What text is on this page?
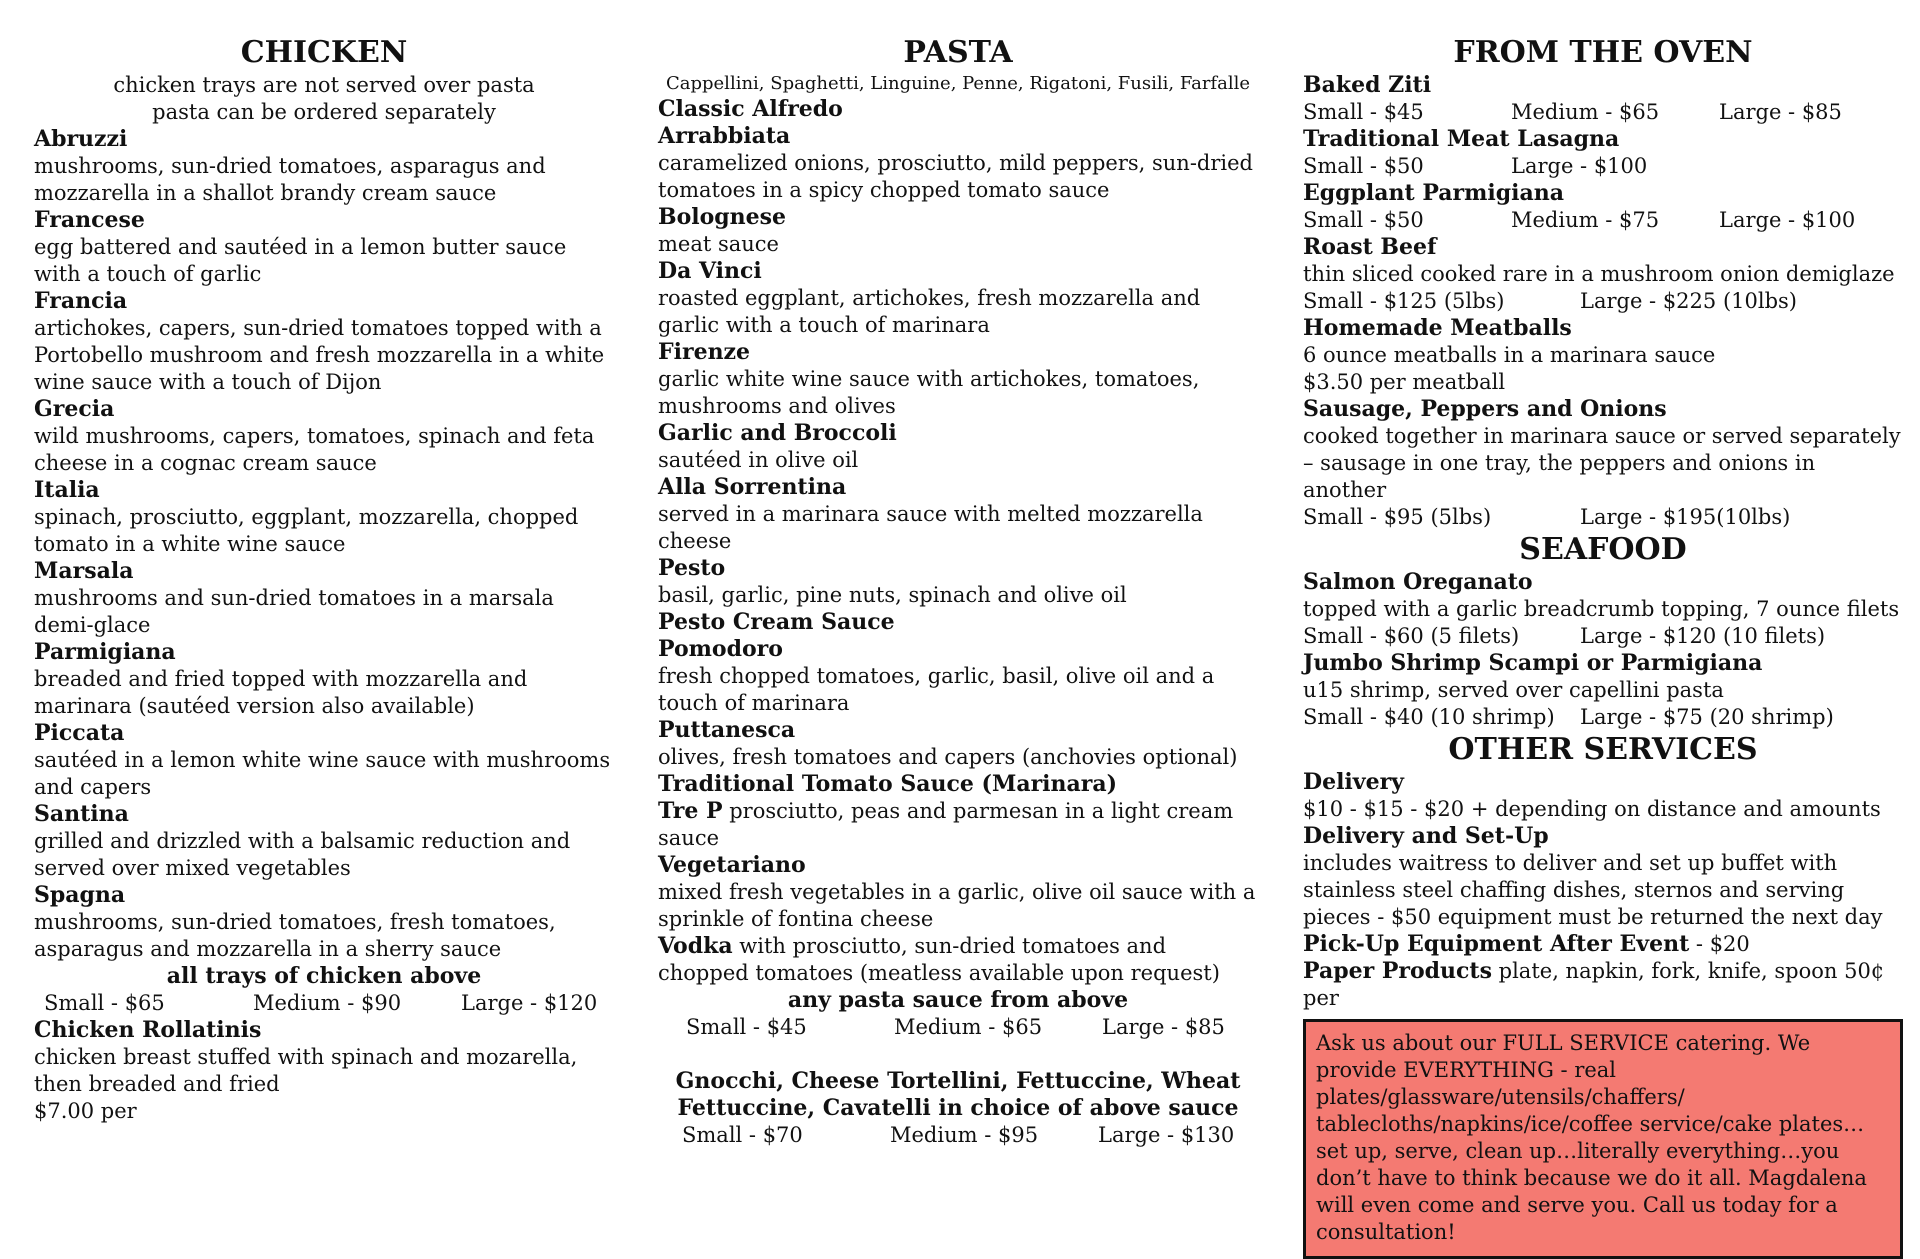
CHICKEN
chicken trays are not served over pasta
pasta can be ordered separately
Abruzzi
mushrooms, sun-dried tomatoes, asparagus and mozzarella in a shallot brandy cream sauce
Francese
egg battered and sautéed in a lemon butter sauce with a touch of garlic
Francia
artichokes, capers, sun-dried tomatoes topped with a Portobello mushroom and fresh mozzarella in a white wine sauce with a touch of Dijon
Grecia
wild mushrooms, capers, tomatoes, spinach and feta cheese in a cognac cream sauce
Italia
spinach, prosciutto, eggplant, mozzarella, chopped tomato in a white wine sauce
Marsala
mushrooms and sun-dried tomatoes in a marsala demi-glace
Parmigiana
breaded and fried topped with mozzarella and marinara (sautéed version also available)
Piccata
sautéed in a lemon white wine sauce with mushrooms and capers
Santina
grilled and drizzled with a balsamic reduction and served over mixed vegetables
Spagna
mushrooms, sun-dried tomatoes, fresh tomatoes, asparagus and mozzarella in a sherry sauce
all trays of chicken above
Small - $65	Medium - $90	Large - $120
Chicken Rollatinis
chicken breast stuffed with spinach and mozarella, then breaded and fried
$7.00 per
PASTA
Cappellini, Spaghetti, Linguine, Penne, Rigatoni, Fusili, Farfalle
Classic Alfredo
Arrabbiata
caramelized onions, prosciutto, mild peppers, sun-dried tomatoes in a spicy chopped tomato sauce
Bolognese
meat sauce
Da Vinci
roasted eggplant, artichokes, fresh mozzarella and garlic with a touch of marinara
Firenze
garlic white wine sauce with artichokes, tomatoes, mushrooms and olives
Garlic and Broccoli
sautéed in olive oil
Alla Sorrentina
served in a marinara sauce with melted mozzarella cheese
Pesto
basil, garlic, pine nuts, spinach and olive oil
Pesto Cream Sauce
Pomodoro
fresh chopped tomatoes, garlic, basil, olive oil and a touch of marinara
Puttanesca
olives, fresh tomatoes and capers (anchovies optional)
Traditional Tomato Sauce (Marinara)
Tre P prosciutto, peas and parmesan in a light cream sauce
Vegetariano
mixed fresh vegetables in a garlic, olive oil sauce with a sprinkle of fontina cheese
Vodka with prosciutto, sun-dried tomatoes and chopped tomatoes (meatless available upon request)
any pasta sauce from above
Small - $45	Medium - $65	Large - $85
Gnocchi, Cheese Tortellini, Fettuccine, Wheat Fettuccine, Cavatelli in choice of above sauce
Small - $70	Medium - $95	Large - $130
FROM THE OVEN
Baked Ziti
Small - $45	Medium - $65	Large - $85
Traditional Meat Lasagna
Small - $50	Large - $100
Eggplant Parmigiana
Small - $50	Medium - $75	Large - $100
Roast Beef
thin sliced cooked rare in a mushroom onion demiglaze
Small - $125 (5lbs)	Large - $225 (10lbs)
Homemade Meatballs
6 ounce meatballs in a marinara sauce
$3.50 per meatball
Sausage, Peppers and Onions
cooked together in marinara sauce or served separately – sausage in one tray, the peppers and onions in another
Small - $95 (5lbs)	Large - $195(10lbs)
SEAFOOD
Salmon Oreganato
topped with a garlic breadcrumb topping, 7 ounce filets
Small - $60 (5 filets)	Large - $120 (10 filets)
Jumbo Shrimp Scampi or Parmigiana
u15 shrimp, served over capellini pasta
Small - $40 (10 shrimp)	Large - $75 (20 shrimp)
OTHER SERVICES
Delivery
$10 - $15 - $20 + depending on distance and amounts
Delivery and Set-Up
includes waitress to deliver and set up buffet with stainless steel chaffing dishes, sternos and serving pieces - $50 equipment must be returned the next day
Pick-Up Equipment After Event - $20
Paper Products plate, napkin, fork, knife, spoon 50¢ per
Ask us about our FULL SERVICE catering. We provide EVERYTHING - real plates/glassware/utensils/chaffers/ tablecloths/napkins/ice/coffee service/cake plates…set up, serve, clean up…literally everything…you don’t have to think because we do it all. Magdalena will even come and serve you. Call us today for a consultation!
